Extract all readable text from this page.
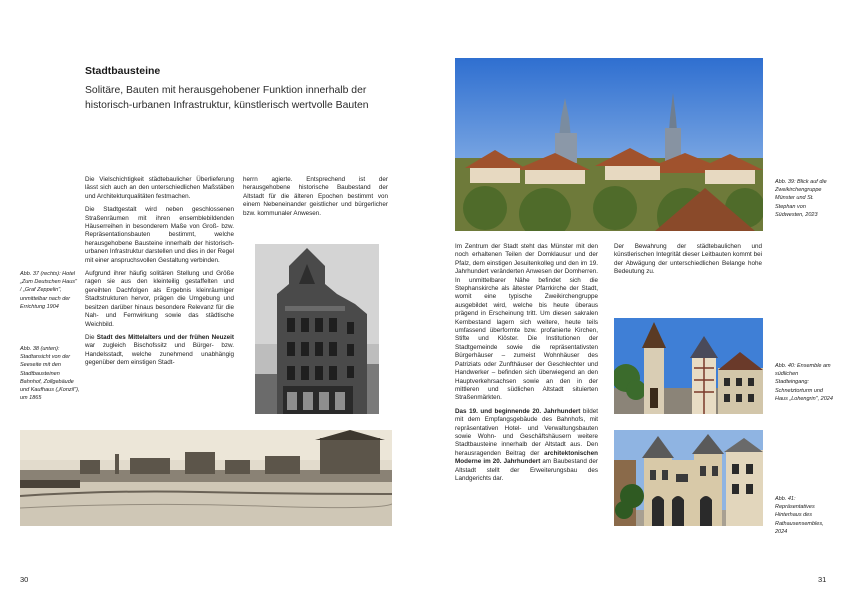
Stadtbausteine
Solitäre, Bauten mit herausgehobener Funktion innerhalb der historisch-urbanen Infrastruktur, künstlerisch wertvolle Bauten

Die Vielschichtigkeit städtebaulicher Überlieferung lässt sich auch an den unterschiedlichen Maßstäben und Architekturqualitäten festmachen.

Die Stadtgestalt wird neben geschlossenen Straßenräumen mit ihren ensemblebildenden Häuserreihen in besonderem Maße von Groß- bzw. Repräsentationsbauten bestimmt, welche herausgehobene Bausteine innerhalb der historisch-urbanen Infrastruktur darstellen und dies in der Regel mit einer anspruchsvollen Gestaltung verbinden.

Aufgrund ihrer häufig solitären Stellung und Größe ragen sie aus den kleinteilig gestaffelten und gereihten Dachfolgen als Ergebnis kleinräumiger Stadtstrukturen hervor, prägen die Umgebung und besitzen darüber hinaus besondere Relevanz für die Nah- und Fernwirkung sowie das städtische Weichbild.

Die Stadt des Mittelalters und der frühen Neuzeit war zugleich Bischofssitz und Bürger- bzw. Handelsstadt, welche zunehmend unabhängig gegenüber dem einstigen Stadt-

herrn agierte. Entsprechend ist der herausgehobene historische Baubestand der Altstadt für die älteren Epochen bestimmt von einem Nebeneinander geistlicher und bürgerlicher bzw. kommunaler Anwesen.

Abb. 37 (rechts): Hotel „Zum Deutschen Haus" / „Graf Zeppelin", unmittelbar nach der Errichtung 1904
Abb. 38 (unten): Stadtansicht von der Seeseite mit den Stadtbausteinen Bahnhof, Zollgebäude und Kaufhaus („Konzil"), um 1865
30
Abb. 39: Blick auf die Zweikirchengruppe Münster und St. Stephan von Südwesten, 2023

Im Zentrum der Stadt steht das Münster mit den noch erhaltenen Teilen der Domklausur und der Pfalz, dem einstigen Jesuitenkolleg und den im 19. Jahrhundert veränderten Anwesen der Domherren. In unmittelbarer Nähe befindet sich die Stephanskirche als ältester Pfarrkirche der Stadt, womit eine typische Zweikirchengruppe ausgebildet wird, welche bis heute überaus prägend in Erscheinung tritt. Um diesen sakralen Kernbestand lagern sich weitere, heute teils umfassend überformte bzw. profanierte Kirchen, Stifte und Klöster. Die Institutionen der Stadtgemeinde sowie die repräsentativsten Bürgerhäuser – zumeist Wohnhäuser des Patriziats oder Zunfthäuser der Geschlechter und Handwerker – befinden sich überwiegend an den Hauptverkehrsachsen sowie an den in der mittleren und südlichen Altstadt situierten Straßenmärkten.

Das 19. und beginnende 20. Jahrhundert bildet mit dem Empfangsgebäude des Bahnhofs, mit repräsentativen Hotel- und Verwaltungsbauten sowie Wohn- und Geschäftshäusern weitere Stadtbausteine innerhalb der Altstadt aus. Den herausragenden Beitrag der architektonischen Moderne im 20. Jahrhundert am Baubestand der Altstadt stellt der Erweiterungsbau des Landgerichts dar.

Der Bewahrung der städtebaulichen und künstlerischen Integrität dieser Leitbauten kommt bei der Abwägung der unterschiedlichen Belange hohe Bedeutung zu.

Abb. 40: Ensemble am südlichen Stadteingang: Schnetztorturm und Haus „Lohengrin", 2024
Abb. 41: Repräsentatives Hinterhaus des Rathausensembles, 2024
31
